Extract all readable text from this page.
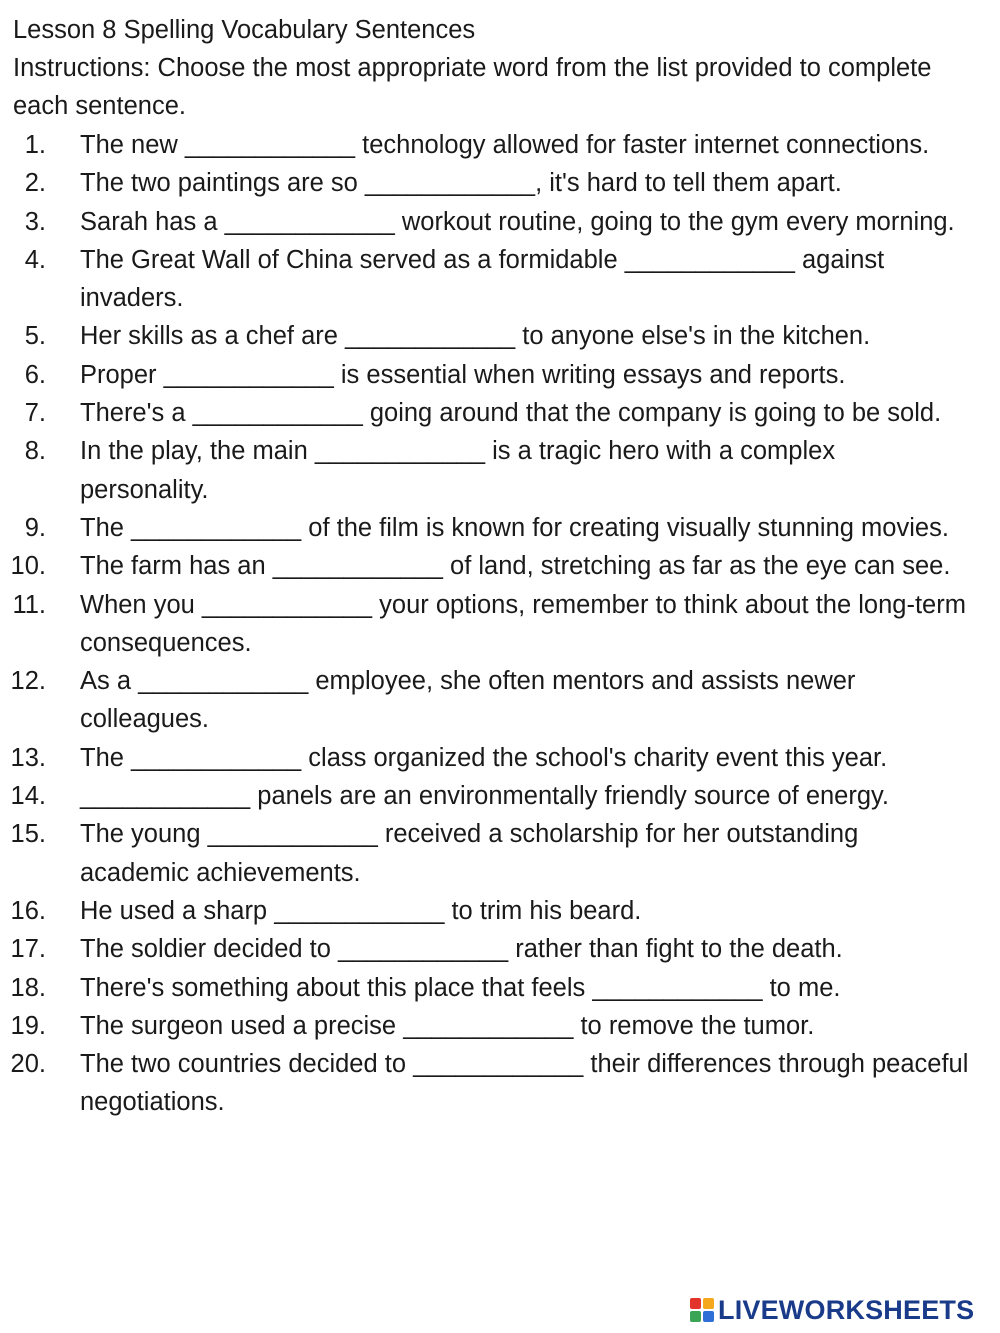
Lesson 8 Spelling Vocabulary Sentences

Instructions: Choose the most appropriate word from the list provided to complete each sentence.

1. The new ____________ technology allowed for faster internet connections.
2. The two paintings are so ____________, it's hard to tell them apart.
3. Sarah has a ____________ workout routine, going to the gym every morning.
4. The Great Wall of China served as a formidable ____________ against invaders.
5. Her skills as a chef are ____________ to anyone else's in the kitchen.
6. Proper ____________ is essential when writing essays and reports.
7. There's a ____________ going around that the company is going to be sold.
8. In the play, the main ____________ is a tragic hero with a complex personality.
9. The ____________ of the film is known for creating visually stunning movies.
10. The farm has an ____________ of land, stretching as far as the eye can see.
11. When you ____________ your options, remember to think about the long-term consequences.
12. As a ____________ employee, she often mentors and assists newer colleagues.
13. The ____________ class organized the school's charity event this year.
14. ____________ panels are an environmentally friendly source of energy.
15. The young ____________ received a scholarship for her outstanding academic achievements.
16. He used a sharp ____________ to trim his beard.
17. The soldier decided to ____________ rather than fight to the death.
18. There's something about this place that feels ____________ to me.
19. The surgeon used a precise ____________ to remove the tumor.
20. The two countries decided to ____________ their differences through peaceful negotiations.
LIVEWORKSHEETS
